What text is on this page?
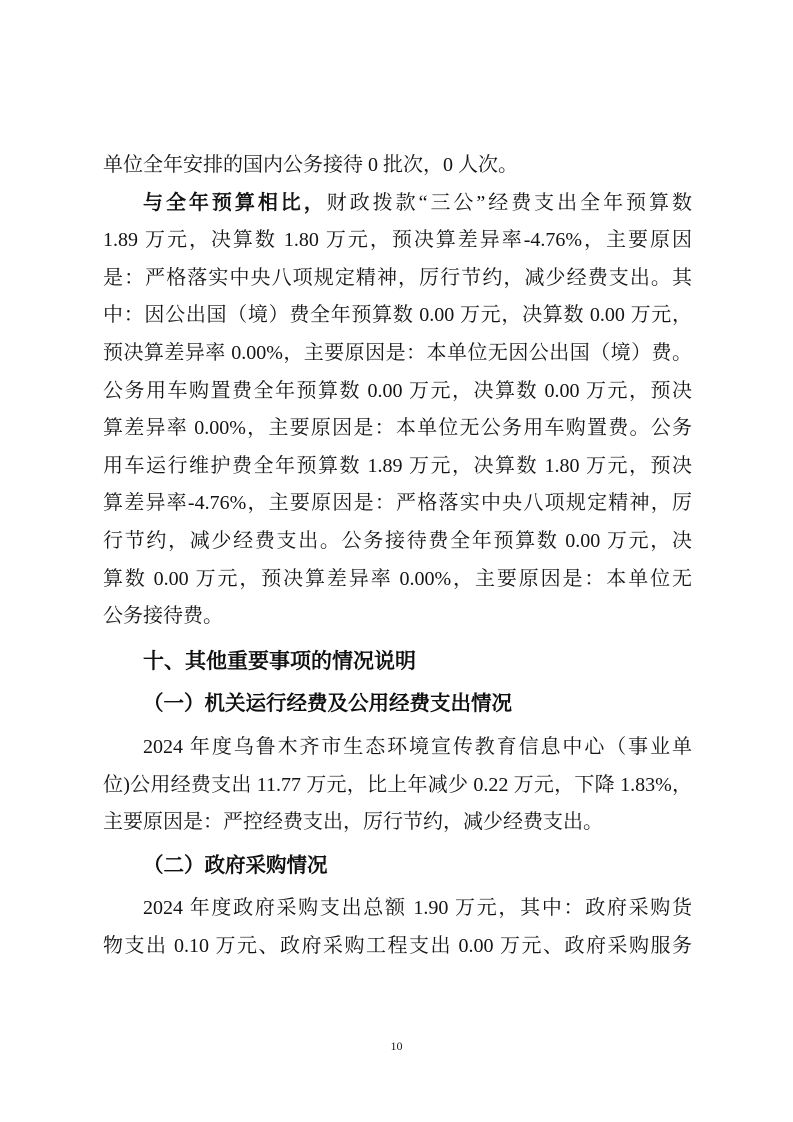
单位全年安排的国内公务接待 0 批次，0 人次。
与全年预算相比，财政拨款“三公”经费支出全年预算数
1.89 万元，决算数 1.80 万元，预决算差异率-4.76%，主要原因
是：严格落实中央八项规定精神，厉行节约，减少经费支出。其
中：因公出国（境）费全年预算数 0.00 万元，决算数 0.00 万元，
预决算差异率 0.00%，主要原因是：本单位无因公出国（境）费。
公务用车购置费全年预算数 0.00 万元，决算数 0.00 万元，预决
算差异率 0.00%，主要原因是：本单位无公务用车购置费。公务
用车运行维护费全年预算数 1.89 万元，决算数 1.80 万元，预决
算差异率-4.76%，主要原因是：严格落实中央八项规定精神，厉
行节约，减少经费支出。公务接待费全年预算数 0.00 万元，决
算数 0.00 万元，预决算差异率 0.00%，主要原因是：本单位无
公务接待费。
十、其他重要事项的情况说明
（一）机关运行经费及公用经费支出情况
2024 年度乌鲁木齐市生态环境宣传教育信息中心（事业单
位)公用经费支出 11.77 万元，比上年减少 0.22 万元，下降 1.83%，
主要原因是：严控经费支出，厉行节约，减少经费支出。
（二）政府采购情况
2024 年度政府采购支出总额 1.90 万元，其中：政府采购货
物支出 0.10 万元、政府采购工程支出 0.00 万元、政府采购服务
10
